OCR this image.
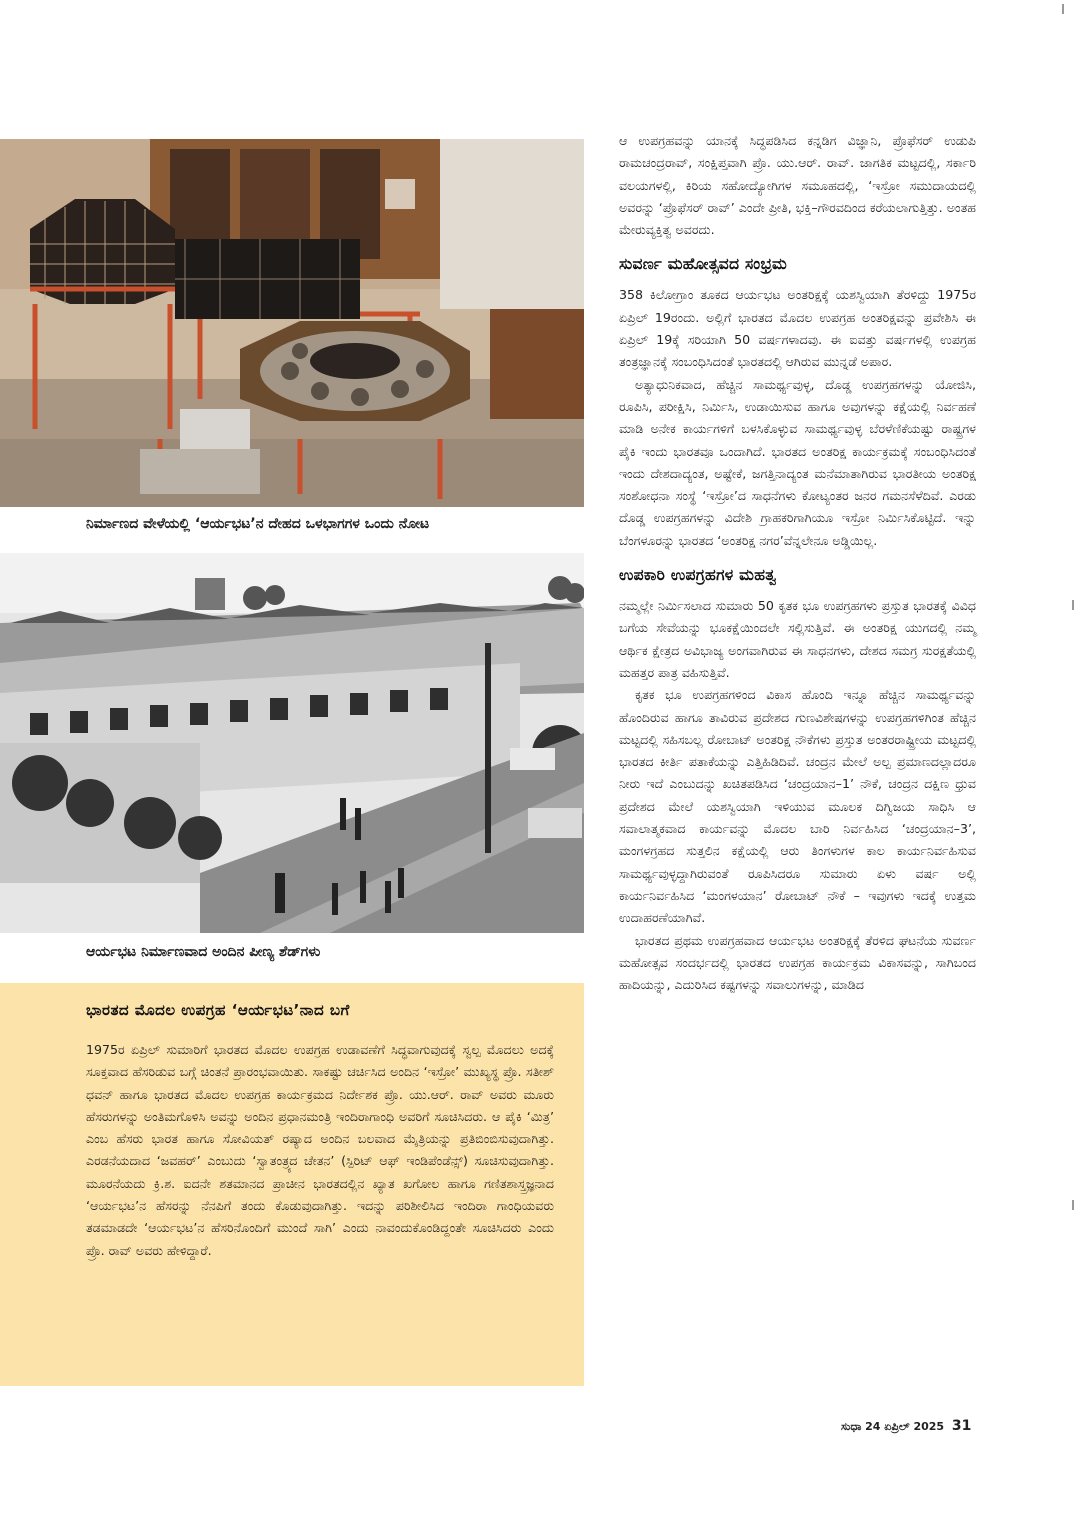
ನಿರ್ಮಾಣದ ವೇಳೆಯಲ್ಲಿ ‘ಆರ್ಯಭಟ’ನ ದೇಹದ ಒಳಭಾಗಗಳ ಒಂದು ನೋಟ
ಆರ್ಯಭಟ ನಿರ್ಮಾಣವಾದ ಅಂದಿನ ಪೀಣ್ಯ ಶೆಡ್‌ಗಳು
ಭಾರತದ ಮೊದಲ ಉಪಗ್ರಹ ‘ಆರ್ಯಭಟ’ನಾದ ಬಗೆ

1975ರ ಏಪ್ರಿಲ್ ಸುಮಾರಿಗೆ ಭಾರತದ ಮೊದಲ ಉಪಗ್ರಹ ಉಡಾವಣೆಗೆ ಸಿದ್ಧವಾಗುವುದಕ್ಕೆ ಸ್ವಲ್ಪ ಮೊದಲು ಅದಕ್ಕೆ ಸೂಕ್ತವಾದ ಹೆಸರಿಡುವ ಬಗ್ಗೆ ಚಿಂತನೆ ಪ್ರಾರಂಭವಾಯಿತು. ಸಾಕಷ್ಟು ಚರ್ಚಿಸಿದ ಅಂದಿನ ‘ಇಸ್ರೋ’ ಮುಖ್ಯಸ್ಥ ಪ್ರೊ. ಸತೀಶ್ ಧವನ್ ಹಾಗೂ ಭಾರತದ ಮೊದಲ ಉಪಗ್ರಹ ಕಾರ್ಯಕ್ರಮದ ನಿರ್ದೇಶಕ ಪ್ರೊ. ಯು.ಆರ್. ರಾವ್ ಅವರು ಮೂರು ಹೆಸರುಗಳನ್ನು ಅಂತಿಮಗೊಳಿಸಿ ಅವನ್ನು ಅಂದಿನ ಪ್ರಧಾನಮಂತ್ರಿ ಇಂದಿರಾಗಾಂಧಿ ಅವರಿಗೆ ಸೂಚಿಸಿದರು. ಆ ಪೈಕಿ ‘ಮಿತ್ರ’ ಎಂಬ ಹೆಸರು ಭಾರತ ಹಾಗೂ ಸೋವಿಯತ್ ರಷ್ಯಾದ ಅಂದಿನ ಬಲವಾದ ಮೈತ್ರಿಯನ್ನು ಪ್ರತಿಬಿಂಬಿಸುವುದಾಗಿತ್ತು. ಎರಡನೆಯದಾದ ‘ಜವಹರ್’ ಎಂಬುದು ‘ಸ್ವಾತಂತ್ರ್ಯದ ಚೇತನ’ (ಸ್ಪಿರಿಟ್ ಆಫ್ ಇಂಡಿಪೆಂಡೆನ್ಸ್) ಸೂಚಿಸುವುದಾಗಿತ್ತು. ಮೂರನೆಯದು ಕ್ರಿ.ಶ. ಐದನೇ ಶತಮಾನದ ಪ್ರಾಚೀನ ಭಾರತದಲ್ಲಿನ ಖ್ಯಾತ ಖಗೋಲ ಹಾಗೂ ಗಣಿತಶಾಸ್ತ್ರಜ್ಞನಾದ ‘ಆರ್ಯಭಟ’ನ ಹೆಸರನ್ನು ನೆನಪಿಗೆ ತಂದು ಕೊಡುವುದಾಗಿತ್ತು. ಇದನ್ನು ಪರಿಶೀಲಿಸಿದ ಇಂದಿರಾ ಗಾಂಧಿಯವರು ತಡಮಾಡದೇ ‘ಆರ್ಯಭಟ’ನ ಹೆಸರಿನೊಂದಿಗೆ ಮುಂದೆ ಸಾಗಿ’ ಎಂದು ನಾವಂದುಕೊಂಡಿದ್ದಂತೇ ಸೂಚಿಸಿದರು ಎಂದು ಪ್ರೊ. ರಾವ್ ಅವರು ಹೇಳಿದ್ದಾರೆ.

ಆ ಉಪಗ್ರಹವನ್ನು ಯಾನಕ್ಕೆ ಸಿದ್ಧಪಡಿಸಿದ ಕನ್ನಡಿಗ ವಿಜ್ಞಾನಿ, ಪ್ರೊಫೆಸರ್ ಉಡುಪಿ ರಾಮಚಂದ್ರರಾವ್, ಸಂಕ್ಷಿಪ್ತವಾಗಿ ಪ್ರೊ. ಯು.ಆರ್. ರಾವ್. ಜಾಗತಿಕ ಮಟ್ಟದಲ್ಲಿ, ಸರ್ಕಾರಿ ವಲಯಗಳಲ್ಲಿ, ಕಿರಿಯ ಸಹೋದ್ಯೋಗಿಗಳ ಸಮೂಹದಲ್ಲಿ, ‘ಇಸ್ರೋ ಸಮುದಾಯದಲ್ಲಿ ಅವರನ್ನು ‘ಪ್ರೊಫೆಸರ್ ರಾವ್’ ಎಂದೇ ಪ್ರೀತಿ, ಭಕ್ತಿ–ಗೌರವದಿಂದ ಕರೆಯಲಾಗುತ್ತಿತ್ತು. ಅಂತಹ ಮೇರುವ್ಯಕ್ತಿತ್ವ ಅವರದು.

ಸುವರ್ಣ ಮಹೋತ್ಸವದ ಸಂಭ್ರಮ

358 ಕಿಲೋಗ್ರಾಂ ತೂಕದ ಆರ್ಯಭಟ ಅಂತರಿಕ್ಷಕ್ಕೆ ಯಶಸ್ವಿಯಾಗಿ ತೆರಳಿದ್ದು 1975ರ ಏಪ್ರಿಲ್ 19ರಂದು. ಅಲ್ಲಿಗೆ ಭಾರತದ ಮೊದಲ ಉಪಗ್ರಹ ಅಂತರಿಕ್ಷವನ್ನು ಪ್ರವೇಶಿಸಿ ಈ ಏಪ್ರಿಲ್ 19ಕ್ಕೆ ಸರಿಯಾಗಿ 50 ವರ್ಷಗಳಾದವು. ಈ ಐವತ್ತು ವರ್ಷಗಳಲ್ಲಿ ಉಪಗ್ರಹ ತಂತ್ರಜ್ಞಾನಕ್ಕೆ ಸಂಬಂಧಿಸಿದಂತೆ ಭಾರತದಲ್ಲಿ ಆಗಿರುವ ಮುನ್ನಡೆ ಅಪಾರ.

ಅತ್ಯಾಧುನಿಕವಾದ, ಹೆಚ್ಚಿನ ಸಾಮರ್ಥ್ಯವುಳ್ಳ, ದೊಡ್ಡ ಉಪಗ್ರಹಗಳನ್ನು ಯೋಜಿಸಿ, ರೂಪಿಸಿ, ಪರೀಕ್ಷಿಸಿ, ನಿರ್ಮಿಸಿ, ಉಡಾಯಿಸುವ ಹಾಗೂ ಅವುಗಳನ್ನು ಕಕ್ಷೆಯಲ್ಲಿ ನಿರ್ವಹಣೆ ಮಾಡಿ ಅನೇಕ ಕಾರ್ಯಗಳಿಗೆ ಬಳಸಿಕೊಳ್ಳುವ ಸಾಮರ್ಥ್ಯವುಳ್ಳ ಬೆರಳೆಣಿಕೆಯಷ್ಟು ರಾಷ್ಟ್ರಗಳ ಪೈಕಿ ಇಂದು ಭಾರತವೂ ಒಂದಾಗಿದೆ. ಭಾರತದ ಅಂತರಿಕ್ಷ ಕಾರ್ಯಕ್ರಮಕ್ಕೆ ಸಂಬಂಧಿಸಿದಂತೆ ಇಂದು ದೇಶದಾದ್ಯಂತ, ಅಷ್ಟೇಕೆ, ಜಗತ್ತಿನಾದ್ಯಂತ ಮನೆಮಾತಾಗಿರುವ ಭಾರತೀಯ ಅಂತರಿಕ್ಷ ಸಂಶೋಧನಾ ಸಂಸ್ಥೆ ‘ಇಸ್ರೋ’ದ ಸಾಧನೆಗಳು ಕೋಟ್ಯಂತರ ಜನರ ಗಮನಸೆಳೆದಿವೆ. ಎರಡು ದೊಡ್ಡ ಉಪಗ್ರಹಗಳನ್ನು ವಿದೇಶಿ ಗ್ರಾಹಕರಿಗಾಗಿಯೂ ಇಸ್ರೋ ನಿರ್ಮಿಸಿಕೊಟ್ಟಿದೆ. ಇನ್ನು ಬೆಂಗಳೂರನ್ನು ಭಾರತದ ‘ಅಂತರಿಕ್ಷ ನಗರ’ವೆನ್ನಲೇನೂ ಅಡ್ಡಿಯಿಲ್ಲ.

ಉಪಕಾರಿ ಉಪಗ್ರಹಗಳ ಮಹತ್ವ

ನಮ್ಮಲ್ಲೇ ನಿರ್ಮಿಸಲಾದ ಸುಮಾರು 50 ಕೃತಕ ಭೂ ಉಪಗ್ರಹಗಳು ಪ್ರಸ್ತುತ ಭಾರತಕ್ಕೆ ವಿವಿಧ ಬಗೆಯ ಸೇವೆಯನ್ನು ಭೂಕಕ್ಷೆಯಿಂದಲೇ ಸಲ್ಲಿಸುತ್ತಿವೆ. ಈ ಅಂತರಿಕ್ಷ ಯುಗದಲ್ಲಿ ನಮ್ಮ ಆರ್ಥಿಕ ಕ್ಷೇತ್ರದ ಅವಿಭಾಜ್ಯ ಅಂಗವಾಗಿರುವ ಈ ಸಾಧನಗಳು, ದೇಶದ ಸಮಗ್ರ ಸುರಕ್ಷತೆಯಲ್ಲಿ ಮಹತ್ತರ ಪಾತ್ರ ವಹಿಸುತ್ತಿವೆ.

ಕೃತಕ ಭೂ ಉಪಗ್ರಹಗಳಿಂದ ವಿಕಾಸ ಹೊಂದಿ ಇನ್ನೂ ಹೆಚ್ಚಿನ ಸಾಮರ್ಥ್ಯವನ್ನು ಹೊಂದಿರುವ ಹಾಗೂ ತಾವಿರುವ ಪ್ರದೇಶದ ಗುಣವಿಶೇಷಗಳನ್ನು ಉಪಗ್ರಹಗಳಿಗಿಂತ ಹೆಚ್ಚಿನ ಮಟ್ಟದಲ್ಲಿ ಸಹಿಸಬಲ್ಲ ರೋಬಾಟ್ ಅಂತರಿಕ್ಷ ನೌಕೆಗಳು ಪ್ರಸ್ತುತ ಅಂತರರಾಷ್ಟ್ರೀಯ ಮಟ್ಟದಲ್ಲಿ ಭಾರತದ ಕೀರ್ತಿ ಪತಾಕೆಯನ್ನು ಎತ್ತಿಹಿಡಿದಿವೆ. ಚಂದ್ರನ ಮೇಲೆ ಅಲ್ಪ ಪ್ರಮಾಣದಲ್ಲಾದರೂ ನೀರು ಇದೆ ಎಂಬುದನ್ನು ಖಚಿತಪಡಿಸಿದ ‘ಚಂದ್ರಯಾನ–1’ ನೌಕೆ, ಚಂದ್ರನ ದಕ್ಷಿಣ ಧ್ರುವ ಪ್ರದೇಶದ ಮೇಲೆ ಯಶಸ್ವಿಯಾಗಿ ಇಳಿಯುವ ಮೂಲಕ ದಿಗ್ವಿಜಯ ಸಾಧಿಸಿ ಆ ಸವಾಲಾತ್ಮಕವಾದ ಕಾರ್ಯವನ್ನು ಮೊದಲ ಬಾರಿ ನಿರ್ವಹಿಸಿದ ‘ಚಂದ್ರಯಾನ–3’, ಮಂಗಳಗ್ರಹದ ಸುತ್ತಲಿನ ಕಕ್ಷೆಯಲ್ಲಿ ಆರು ತಿಂಗಳುಗಳ ಕಾಲ ಕಾರ್ಯನಿರ್ವಹಿಸುವ ಸಾಮರ್ಥ್ಯವುಳ್ಳದ್ದಾಗಿರುವಂತೆ ರೂಪಿಸಿದರೂ ಸುಮಾರು ಏಳು ವರ್ಷ ಅಲ್ಲಿ ಕಾರ್ಯನಿರ್ವಹಿಸಿದ ‘ಮಂಗಳಯಾನ’ ರೋಬಾಟ್ ನೌಕೆ – ಇವುಗಳು ಇದಕ್ಕೆ ಉತ್ತಮ ಉದಾಹರಣೆಯಾಗಿವೆ.

ಭಾರತದ ಪ್ರಥಮ ಉಪಗ್ರಹವಾದ ಆರ್ಯಭಟ ಅಂತರಿಕ್ಷಕ್ಕೆ ತೆರಳಿದ ಘಟನೆಯ ಸುವರ್ಣ ಮಹೋತ್ಸವ ಸಂದರ್ಭದಲ್ಲಿ ಭಾರತದ ಉಪಗ್ರಹ ಕಾರ್ಯಕ್ರಮ ವಿಕಾಸವನ್ನು, ಸಾಗಿಬಂದ ಹಾದಿಯನ್ನು, ಎದುರಿಸಿದ ಕಷ್ಟಗಳನ್ನು ಸವಾಲುಗಳನ್ನು, ಮಾಡಿದ

ಸುಧಾ 24 ಏಪ್ರಿಲ್ 2025 31
